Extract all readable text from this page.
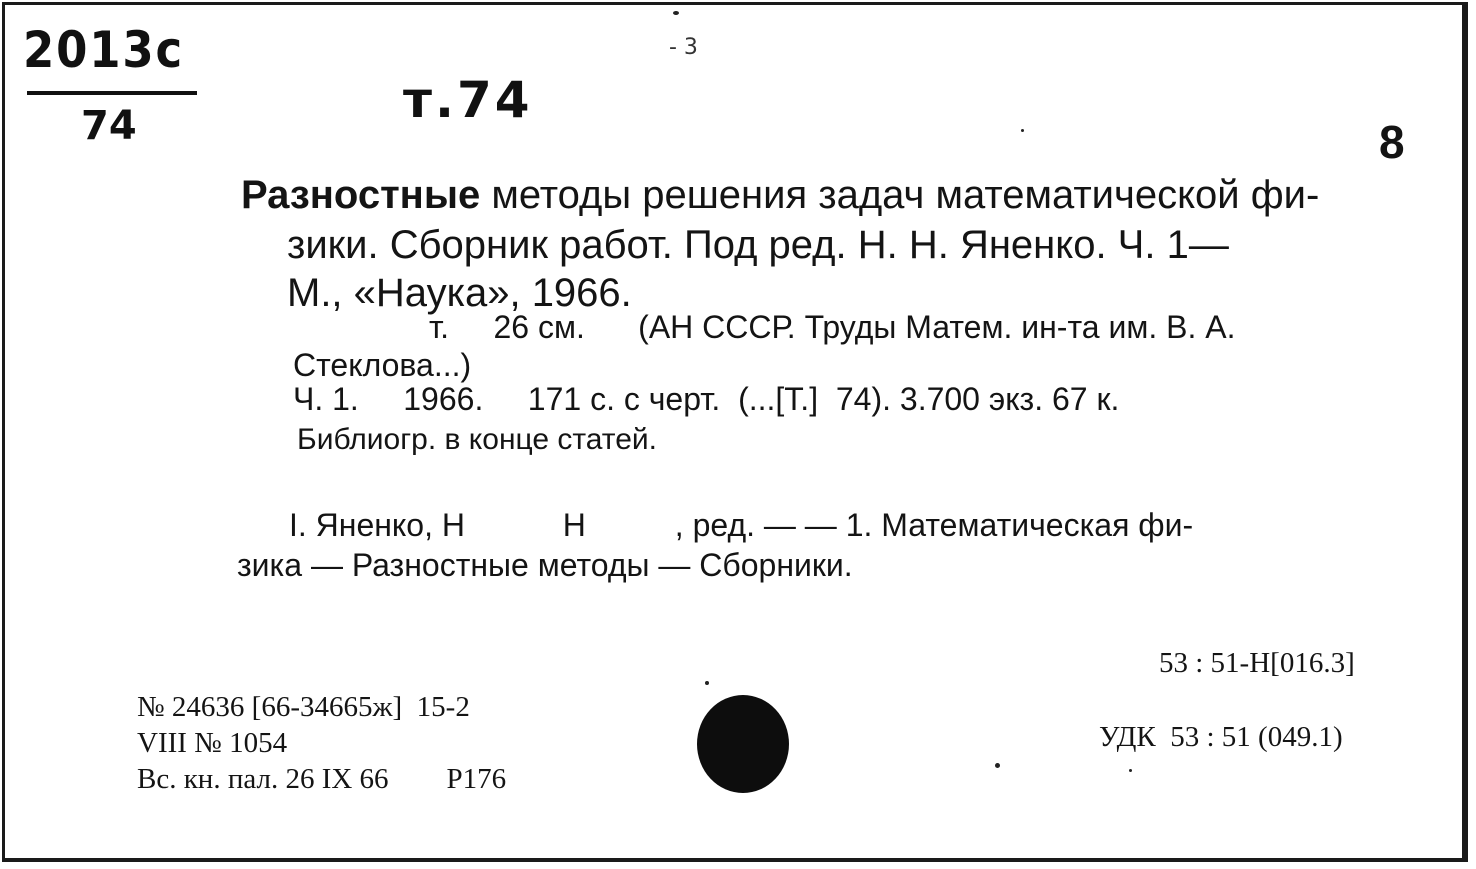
2013с
74	т.74
- 3
8
Разностные методы решения задач математической фи-
зики. Сборник работ. Под ред. Н. Н. Яненко. Ч. 1—
М., «Наука», 1966.
т.     26 см.      (АН СССР. Труды Матем. ин-та им. В. А.
Стеклова...)
Ч. 1.     1966.     171 с. с черт.  (...[Т.]  74). 3.700 экз. 67 к.
Библиогр. в конце статей.
I. Яненко, Н           Н          , ред. — — 1. Математическая фи-
зика — Разностные методы — Сборники.
53 : 51-Н[016.3]
УДК  53 : 51 (049.1)
№ 24636 [66-34665ж]  15-2
VIII № 1054
Вс. кн. пал. 26 IX 66        Р176
